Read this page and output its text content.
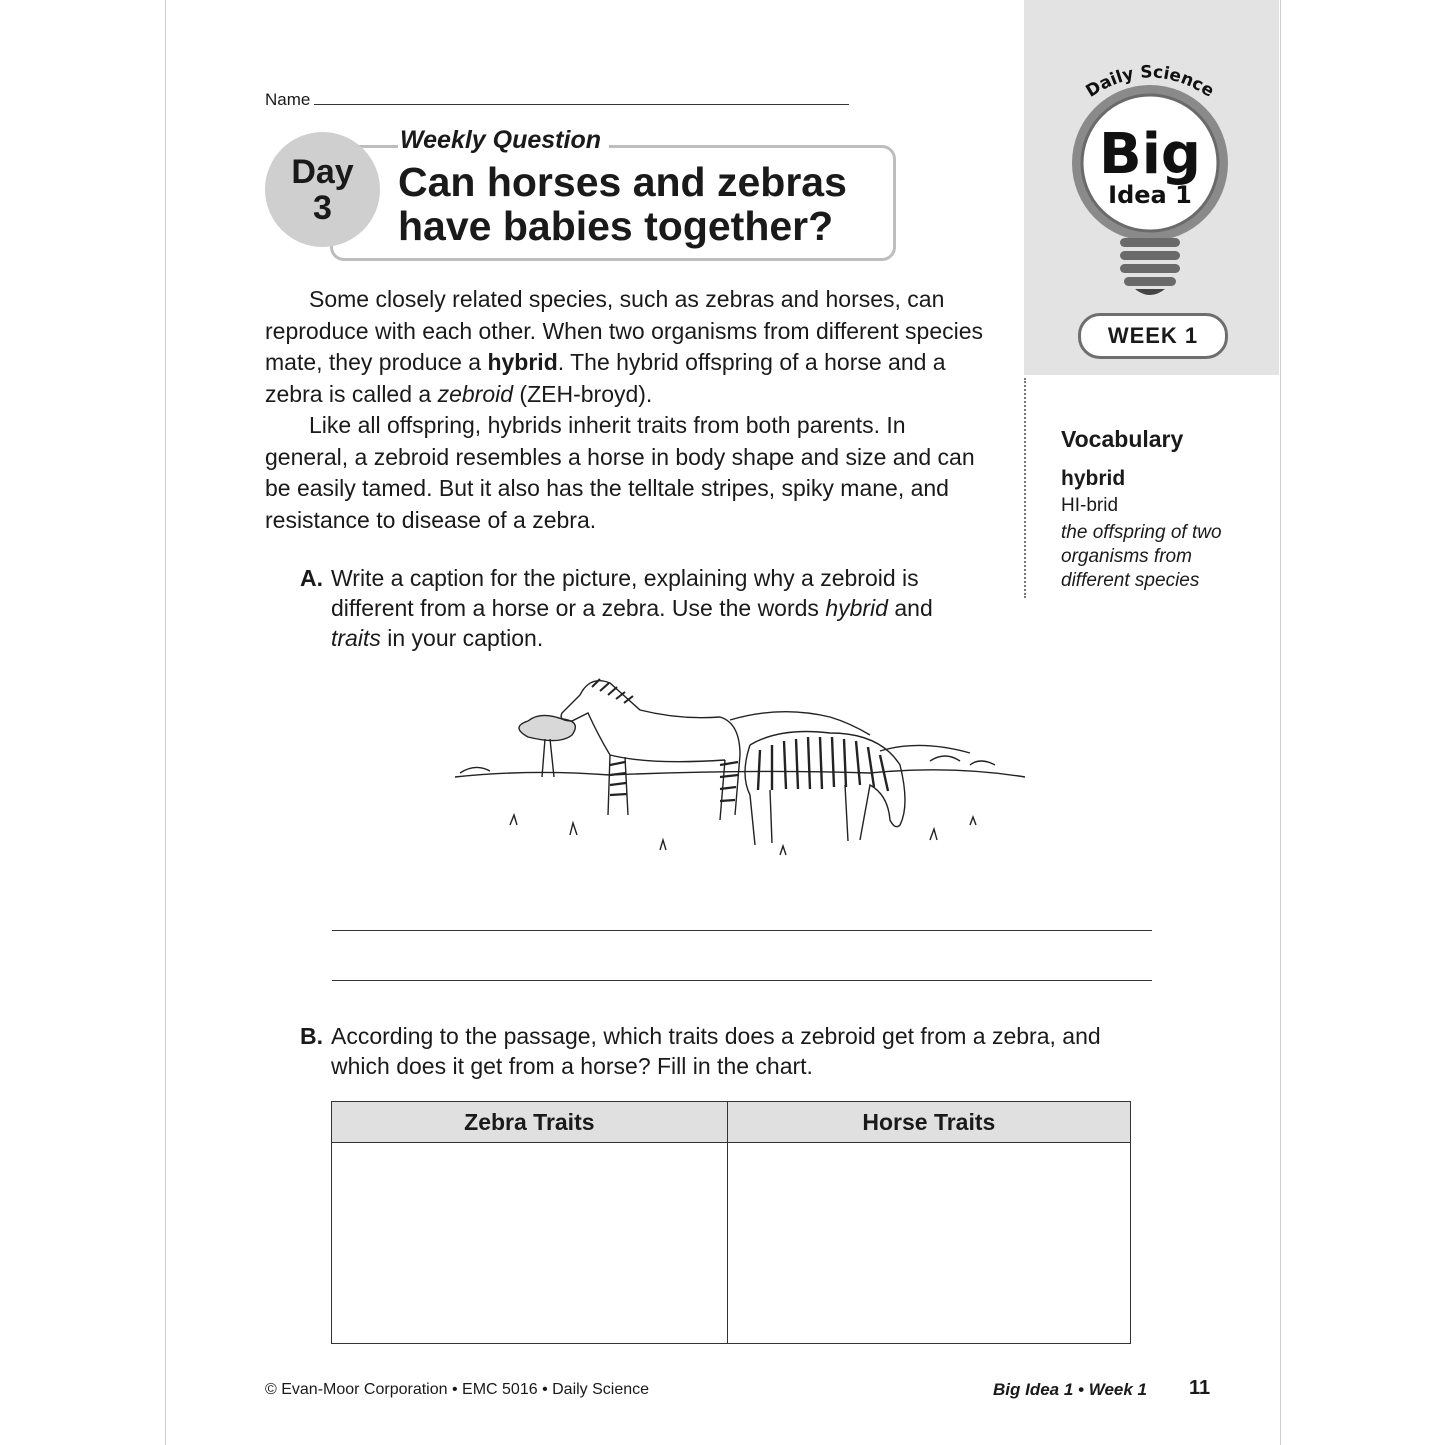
Name
Day
3
Weekly Question
Can horses and zebras
have babies together?

Some closely related species, such as zebras and horses, can reproduce with each other. When two organisms from different species mate, they produce a hybrid. The hybrid offspring of a horse and a zebra is called a zebroid (ZEH-broyd).

Like all offspring, hybrids inherit traits from both parents. In general, a zebroid resembles a horse in body shape and size and can be easily tamed. But it also has the telltale stripes, spiky mane, and resistance to disease of a zebra.

A. Write a caption for the picture, explaining why a zebroid is different from a horse or a zebra. Use the words hybrid and traits in your caption.
B. According to the passage, which traits does a zebroid get from a zebra, and which does it get from a horse? Fill in the chart.
Zebra Traits	Horse Traits

Daily Science
Big
Idea 1
WEEK 1
Vocabulary
hybrid
HI-brid
the offspring of two organisms from different species
© Evan-Moor Corporation • EMC 5016 • Daily Science	Big Idea 1 • Week 1 11
